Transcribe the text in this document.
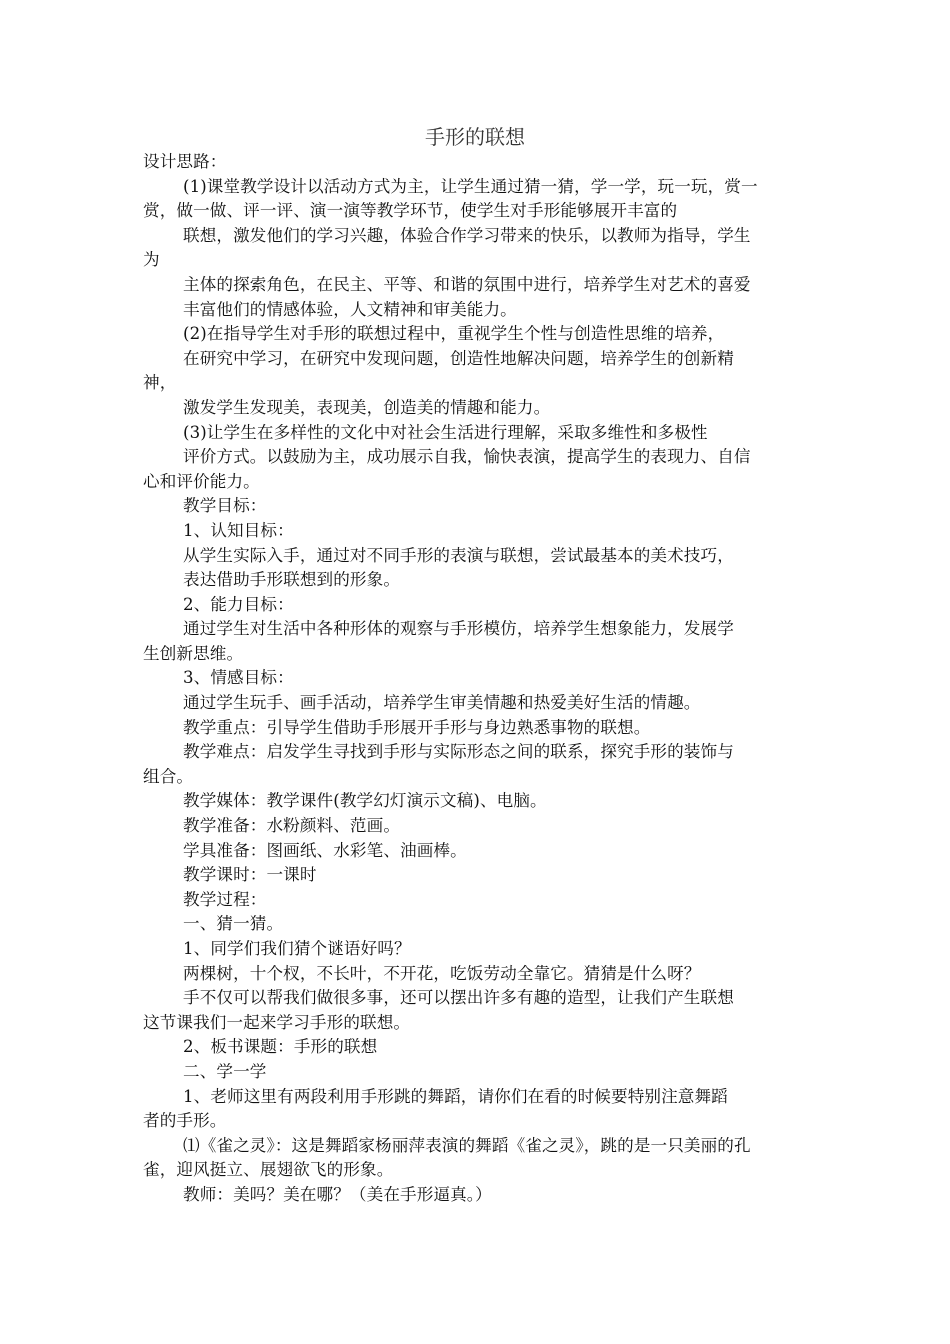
手形的联想
设计思路：
(1)课堂教学设计以活动方式为主，让学生通过猜一猜，学一学，玩一玩，赏一
赏，做一做、评一评、演一演等教学环节，使学生对手形能够展开丰富的
联想，激发他们的学习兴趣，体验合作学习带来的快乐，以教师为指导，学生
为
主体的探索角色，在民主、平等、和谐的氛围中进行，培养学生对艺术的喜爱
丰富他们的情感体验，人文精神和审美能力。
(2)在指导学生对手形的联想过程中，重视学生个性与创造性思维的培养，
在研究中学习，在研究中发现问题，创造性地解决问题，培养学生的创新精
神，
激发学生发现美，表现美，创造美的情趣和能力。
(3)让学生在多样性的文化中对社会生活进行理解，采取多维性和多极性
评价方式。以鼓励为主，成功展示自我，愉快表演，提高学生的表现力、自信
心和评价能力。
教学目标：
1、认知目标：
从学生实际入手，通过对不同手形的表演与联想，尝试最基本的美术技巧，
表达借助手形联想到的形象。
2、能力目标：
通过学生对生活中各种形体的观察与手形模仿，培养学生想象能力，发展学
生创新思维。
3、情感目标：
通过学生玩手、画手活动，培养学生审美情趣和热爱美好生活的情趣。
教学重点：引导学生借助手形展开手形与身边熟悉事物的联想。
教学难点：启发学生寻找到手形与实际形态之间的联系，探究手形的装饰与
组合。
教学媒体：教学课件(教学幻灯演示文稿)、电脑。
教学准备：水粉颜料、范画。
学具准备：图画纸、水彩笔、油画棒。
教学课时：一课时
教学过程：
一、猜一猜。
1、同学们我们猜个谜语好吗？
两棵树，十个杈，不长叶，不开花，吃饭劳动全靠它。猜猜是什么呀？
手不仅可以帮我们做很多事，还可以摆出许多有趣的造型，让我们产生联想
这节课我们一起来学习手形的联想。
2、板书课题：手形的联想
二、学一学
1、老师这里有两段利用手形跳的舞蹈，请你们在看的时候要特别注意舞蹈
者的手形。
⑴《雀之灵》：这是舞蹈家杨丽萍表演的舞蹈《雀之灵》，跳的是一只美丽的孔
雀，迎风挺立、展翅欲飞的形象。
教师：美吗？美在哪？（美在手形逼真。）
